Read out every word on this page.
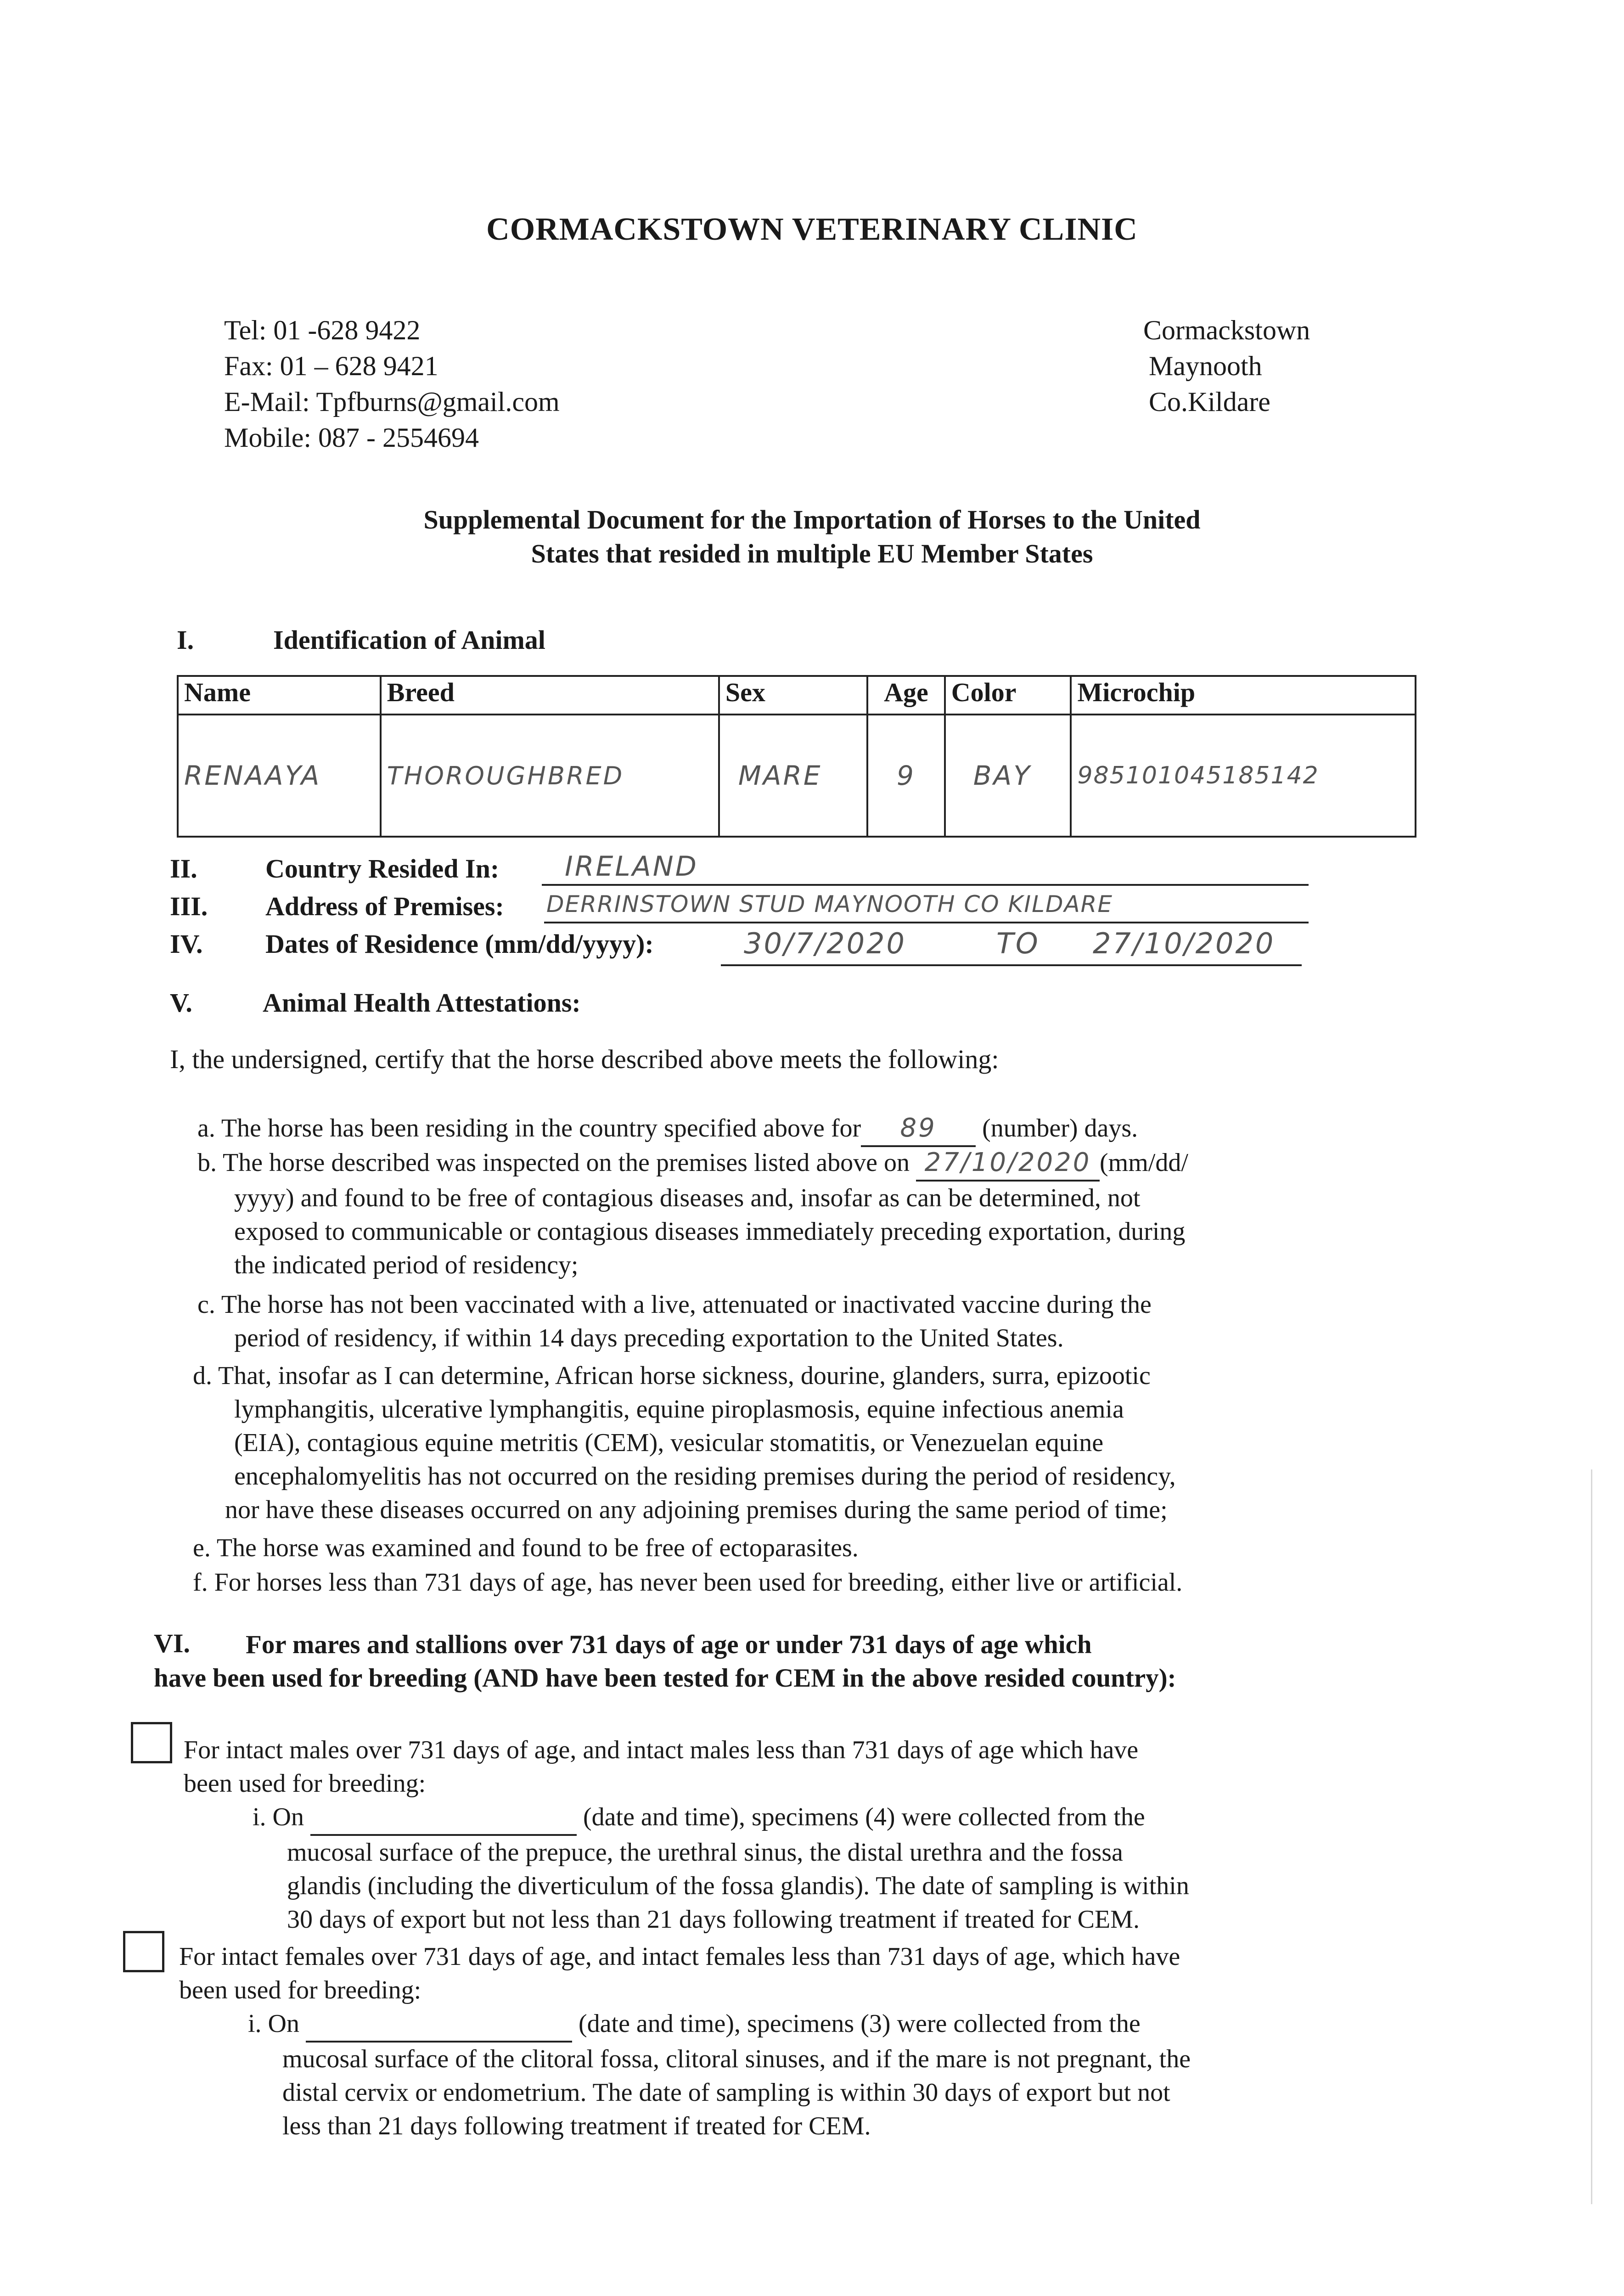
CORMACKSTOWN VETERINARY CLINIC
Tel: 01 -628 9422
Fax: 01 – 628 9421
E-Mail: Tpfburns@gmail.com
Mobile: 087 - 2554694
Cormackstown
Maynooth
Co.Kildare
Supplemental Document for the Importation of Horses to the United
States that resided in multiple EU Member States
I.	Identification of Animal
Name	Breed	Sex	Age	Color	Microchip
RENAAYA	THOROUGHBRED	MARE	9	BAY	985101045185142
II.	Country Resided In: IRELAND
III. Address of Premises: DERRINSTOWN STUD MAYNOOTH CO KILDARE
IV. Dates of Residence (mm/dd/yyyy):	30/7/2020	TO 27/10/2020
V.	Animal Health Attestations:
I, the undersigned, certify that the horse described above meets the following:
a. The horse has been residing in the country specified above for 89 (number) days.
b. The horse described was inspected on the premises listed above on 27/10/2020 (mm/dd/
yyyy) and found to be free of contagious diseases and, insofar as can be determined, not
exposed to communicable or contagious diseases immediately preceding exportation, during
the indicated period of residency;
c. The horse has not been vaccinated with a live, attenuated or inactivated vaccine during the
period of residency, if within 14 days preceding exportation to the United States.
d. That, insofar as I can determine, African horse sickness, dourine, glanders, surra, epizootic
lymphangitis, ulcerative lymphangitis, equine piroplasmosis, equine infectious anemia
(EIA), contagious equine metritis (CEM), vesicular stomatitis, or Venezuelan equine
encephalomyelitis has not occurred on the residing premises during the period of residency,
nor have these diseases occurred on any adjoining premises during the same period of time;
e. The horse was examined and found to be free of ectoparasites.
f. For horses less than 731 days of age, has never been used for breeding, either live or artificial.
VI.	For mares and stallions over 731 days of age or under 731 days of age which
have been used for breeding (AND have been tested for CEM in the above resided country):
For intact males over 731 days of age, and intact males less than 731 days of age which have
been used for breeding:
i. On	(date and time), specimens (4) were collected from the
mucosal surface of the prepuce, the urethral sinus, the distal urethra and the fossa
glandis (including the diverticulum of the fossa glandis). The date of sampling is within
30 days of export but not less than 21 days following treatment if treated for CEM.
For intact females over 731 days of age, and intact females less than 731 days of age, which have
been used for breeding:
i. On	(date and time), specimens (3) were collected from the
mucosal surface of the clitoral fossa, clitoral sinuses, and if the mare is not pregnant, the
distal cervix or endometrium. The date of sampling is within 30 days of export but not
less than 21 days following treatment if treated for CEM.
